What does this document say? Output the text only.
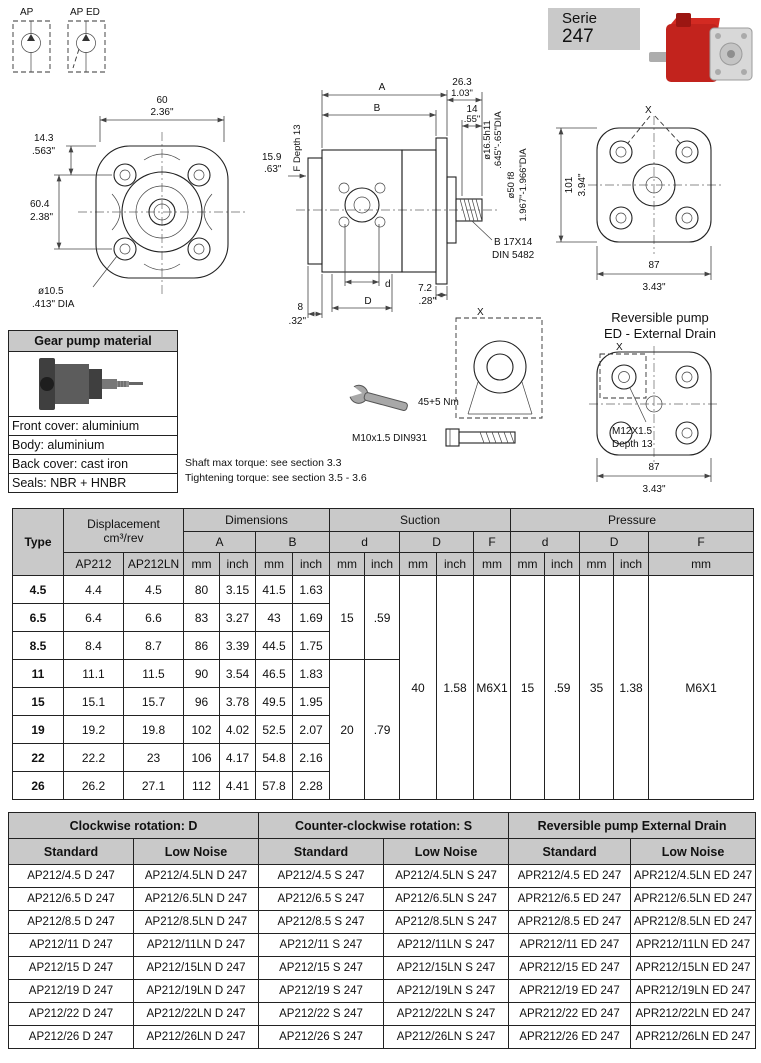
AP	AP ED
60
2.36"
14.3
.563"
60.4
2.38"
ø10.5
.413" DIA
A
B
26.3
1.03"
14
.55"
ø16.5h11 .645"-.65"DIA
ø50 f8 1.967"-1.966"DIA
F Depth 13
15.9
.63"
B 17X14
DIN 5482
7.2
.28"
d
D
8
.32"
X
101 3.94"
87
3.43"
Reversible pump
ED - External Drain
X
M12X1.5
Depth 13
87
3.43"
X
45+5 Nm
M10x1.5 DIN931
Shaft max torque: see section 3.3
Tightening torque: see section 3.5 - 3.6
Serie
247
Gear pump material
Front cover: aluminium
Body: aluminium
Back cover: cast iron
Seals: NBR + HNBR
Type	Displacement
cm³/rev		Dimensions				Suction					Pressure				
			A		B		d		D		F	d		D		F
	AP212	AP212LN	mm	inch	mm	inch	mm	inch	mm	inch	mm	mm	inch	mm	inch	mm
4.5	4.4	4.5	80	3.15	41.5	1.63	15	.59	40	1.58	M6X1	15	.59	35	1.38	M6X1
6.5	6.4	6.6	83	3.27	43	1.69										
8.5	8.4	8.7	86	3.39	44.5	1.75										
11	11.1	11.5	90	3.54	46.5	1.83	20	.79								
15	15.1	15.7	96	3.78	49.5	1.95										
19	19.2	19.8	102	4.02	52.5	2.07										
22	22.2	23	106	4.17	54.8	2.16										
26	26.2	27.1	112	4.41	57.8	2.28										
Clockwise rotation: D		Counter-clockwise rotation: S		Reversible pump External Drain	
Standard	Low Noise	Standard	Low Noise	Standard	Low Noise
AP212/4.5 D 247	AP212/4.5LN D 247	AP212/4.5 S 247	AP212/4.5LN S 247	APR212/4.5 ED 247	APR212/4.5LN ED 247
AP212/6.5 D 247	AP212/6.5LN D 247	AP212/6.5 S 247	AP212/6.5LN S 247	APR212/6.5 ED 247	APR212/6.5LN ED 247
AP212/8.5 D 247	AP212/8.5LN D 247	AP212/8.5 S 247	AP212/8.5LN S 247	APR212/8.5 ED 247	APR212/8.5LN ED 247
AP212/11 D 247	AP212/11LN D 247	AP212/11 S 247	AP212/11LN S 247	APR212/11 ED 247	APR212/11LN ED 247
AP212/15 D 247	AP212/15LN D 247	AP212/15 S 247	AP212/15LN S 247	APR212/15 ED 247	APR212/15LN ED 247
AP212/19 D 247	AP212/19LN D 247	AP212/19 S 247	AP212/19LN S 247	APR212/19 ED 247	APR212/19LN ED 247
AP212/22 D 247	AP212/22LN D 247	AP212/22 S 247	AP212/22LN S 247	APR212/22 ED 247	APR212/22LN ED 247
AP212/26 D 247	AP212/26LN D 247	AP212/26 S 247	AP212/26LN S 247	APR212/26 ED 247	APR212/26LN ED 247
